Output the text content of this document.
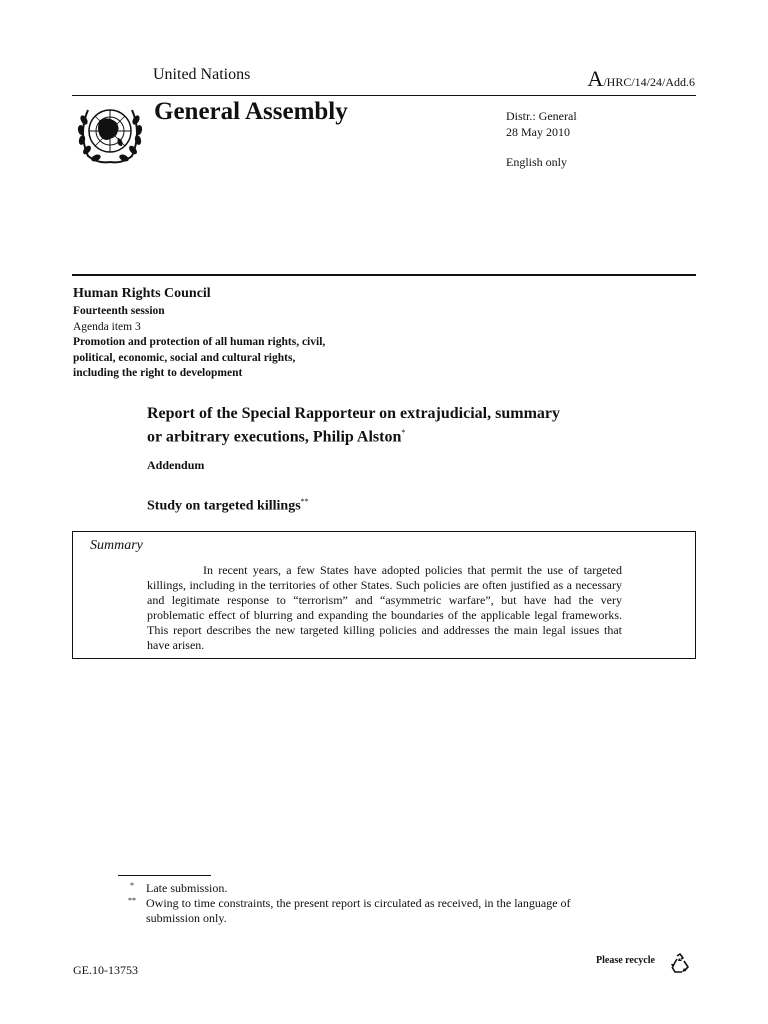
United Nations	A/HRC/14/24/Add.6
General Assembly	Distr.: General
28 May 2010
English only
Human Rights Council
Fourteenth session
Agenda item 3
Promotion and protection of all human rights, civil,
political, economic, social and cultural rights,
including the right to development
Report of the Special Rapporteur on extrajudicial, summary
or arbitrary executions, Philip Alston*
Addendum
Study on targeted killings**
Summary
In recent years, a few States have adopted policies that permit the use of targeted killings, including in the territories of other States. Such policies are often justified as a necessary and legitimate response to “terrorism” and “asymmetric warfare”, but have had the very problematic effect of blurring and expanding the boundaries of the applicable legal frameworks. This report describes the new targeted killing policies and addresses the main legal issues that have arisen.
* Late submission.
** Owing to time constraints, the present report is circulated as received, in the language of submission only.
GE.10-13753
Please recycle
